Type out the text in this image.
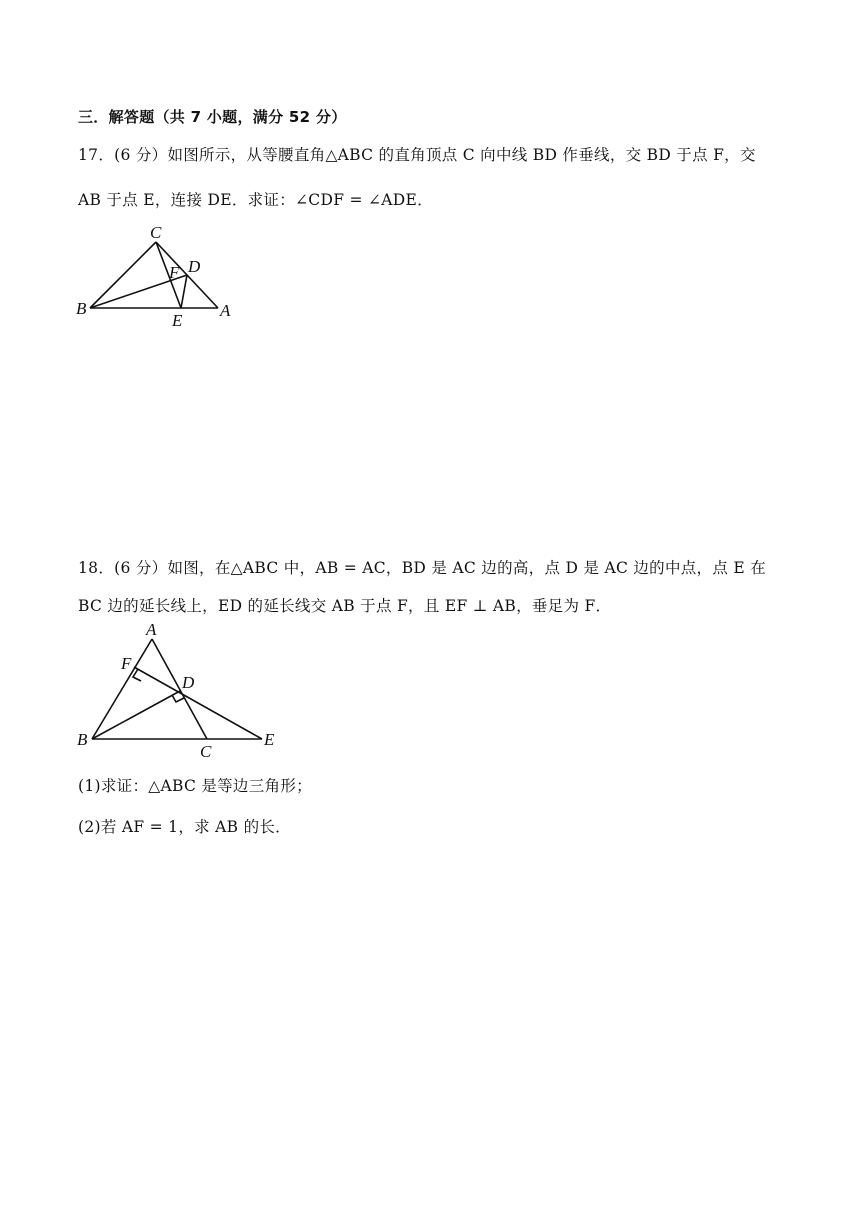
三．解答题（共 7 小题，满分 52 分）
17．(6 分）如图所示，从等腰直角△ABC 的直角顶点 C 向中线 BD 作垂线，交 BD 于点 F，交
AB 于点 E，连接 DE．求证：∠CDF = ∠ADE．
C
F D
B
E
A
18．(6 分）如图，在△ABC 中，AB = AC，BD 是 AC 边的高，点 D 是 AC 边的中点，点 E 在
BC 边的延长线上，ED 的延长线交 AB 于点 F，且 EF ⊥ AB，垂足为 F．
A
F
D
B
C
E
(1)求证：△ABC 是等边三角形；
(2)若 AF = 1，求 AB 的长．
